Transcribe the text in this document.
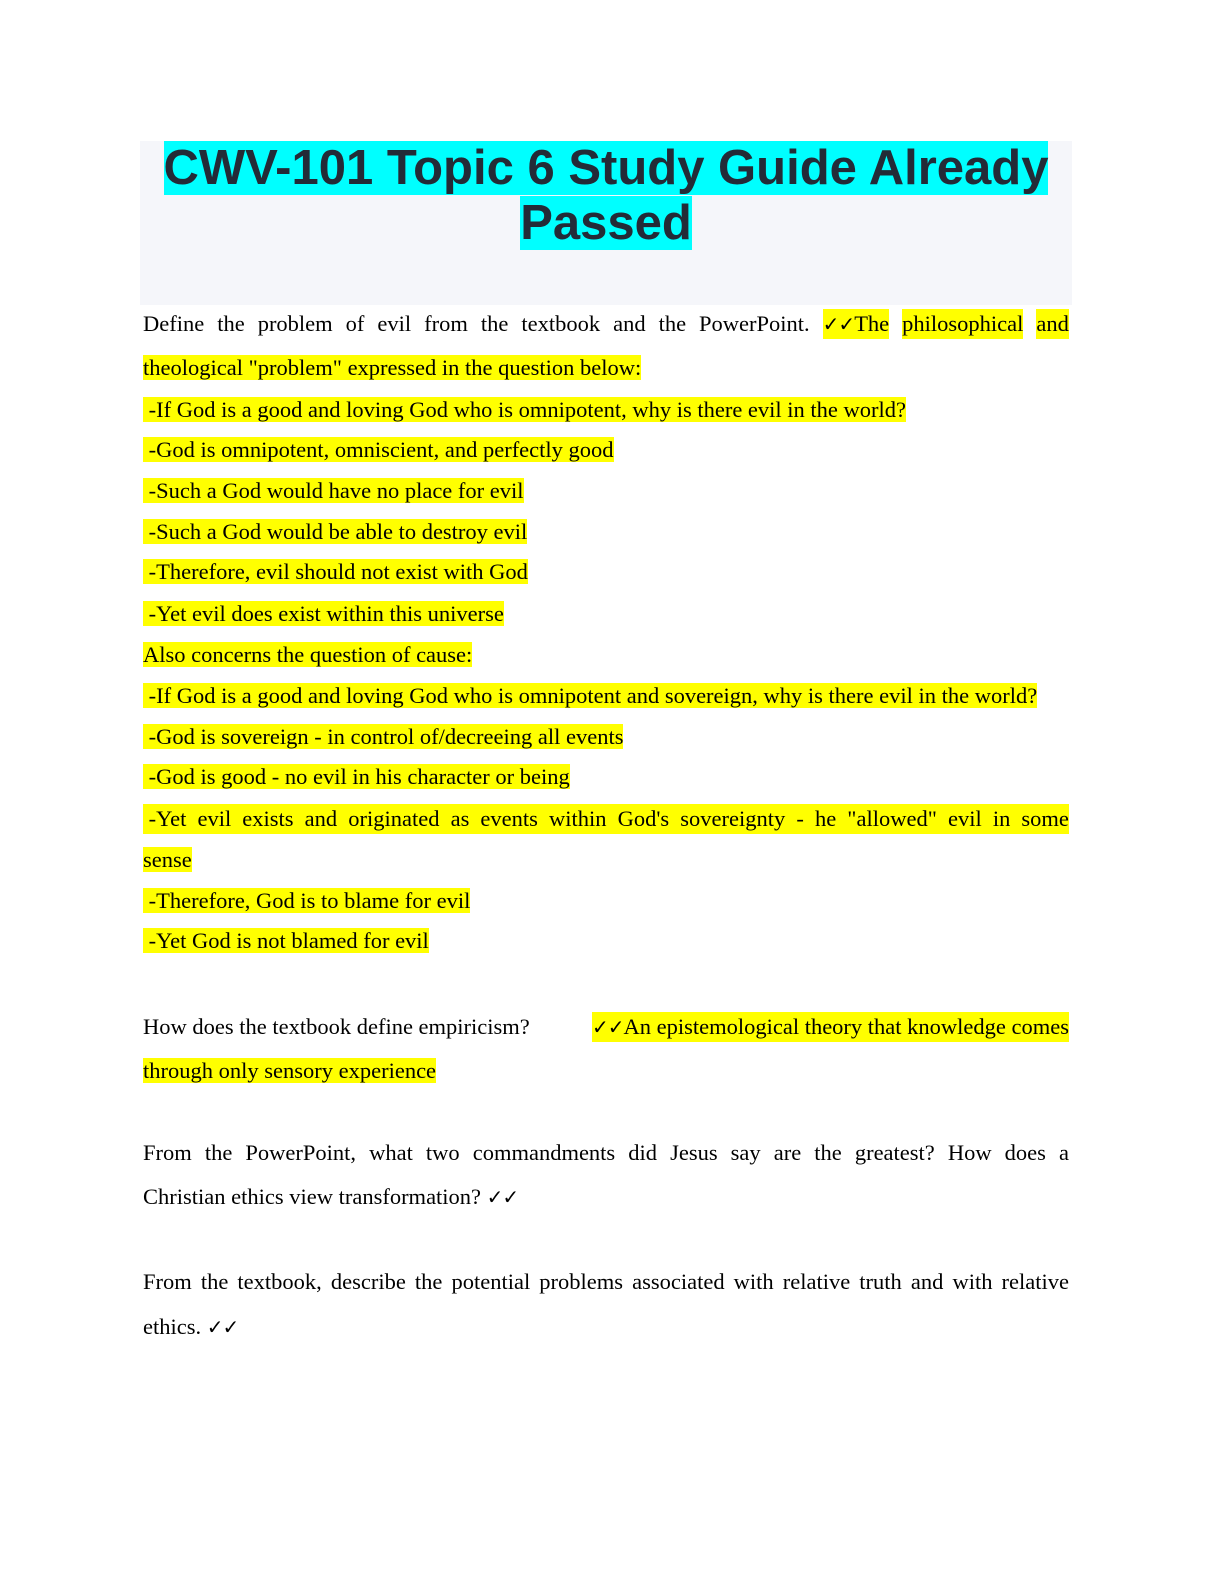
CWV-101 Topic 6 Study Guide Already
Passed
Define the problem of evil from the textbook and the PowerPoint. ✓✓The philosophical and
theological "problem" expressed in the question below:
-If God is a good and loving God who is omnipotent, why is there evil in the world?
-God is omnipotent, omniscient, and perfectly good
-Such a God would have no place for evil
-Such a God would be able to destroy evil
-Therefore, evil should not exist with God
-Yet evil does exist within this universe
Also concerns the question of cause:
-If God is a good and loving God who is omnipotent and sovereign, why is there evil in the world?
-God is sovereign - in control of/decreeing all events
-God is good - no evil in his character or being
-Yet evil exists and originated as events within God's sovereignty - he "allowed" evil in some
sense
-Therefore, God is to blame for evil
-Yet God is not blamed for evil
How does the textbook define empiricism?	✓✓An epistemological theory that knowledge comes
through only sensory experience
From the PowerPoint, what two commandments did Jesus say are the greatest? How does a
Christian ethics view transformation? ✓✓
From the textbook, describe the potential problems associated with relative truth and with relative
ethics. ✓✓
